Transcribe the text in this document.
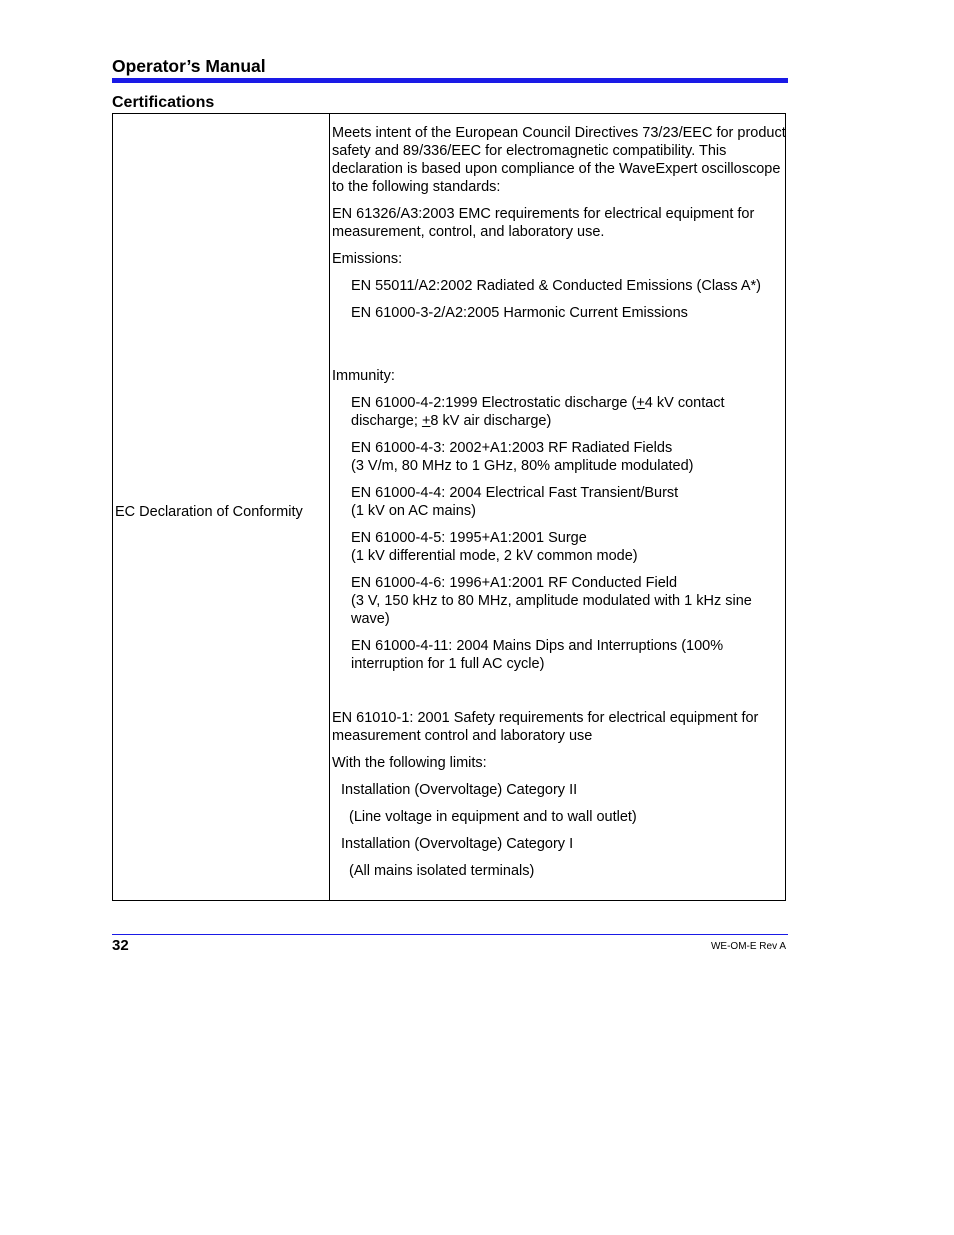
Operator’s Manual
Certifications
EC Declaration of Conformity

Meets intent of the European Council Directives 73/23/EEC for product safety and 89/336/EEC for electromagnetic compatibility. This declaration is based upon compliance of the WaveExpert oscilloscope to the following standards:

EN 61326/A3:2003 EMC requirements for electrical equipment for measurement, control, and laboratory use.

Emissions:

EN 55011/A2:2002 Radiated & Conducted Emissions (Class A*)

EN 61000-3-2/A2:2005 Harmonic Current Emissions

Immunity:

EN 61000-4-2:1999 Electrostatic discharge (+4 kV contact discharge; +8 kV air discharge)

EN 61000-4-3: 2002+A1:2003 RF Radiated Fields
(3 V/m, 80 MHz to 1 GHz, 80% amplitude modulated)

EN 61000-4-4: 2004 Electrical Fast Transient/Burst
(1 kV on AC mains)

EN 61000-4-5: 1995+A1:2001 Surge
(1 kV differential mode, 2 kV common mode)

EN 61000-4-6: 1996+A1:2001 RF Conducted Field
(3 V, 150 kHz to 80 MHz, amplitude modulated with 1 kHz sine wave)

EN 61000-4-11: 2004 Mains Dips and Interruptions (100% interruption for 1 full AC cycle)

EN 61010-1: 2001 Safety requirements for electrical equipment for measurement control and laboratory use

With the following limits:

Installation (Overvoltage) Category II

(Line voltage in equipment and to wall outlet)

Installation (Overvoltage) Category I

(All mains isolated terminals)

32	WE-OM-E Rev A
